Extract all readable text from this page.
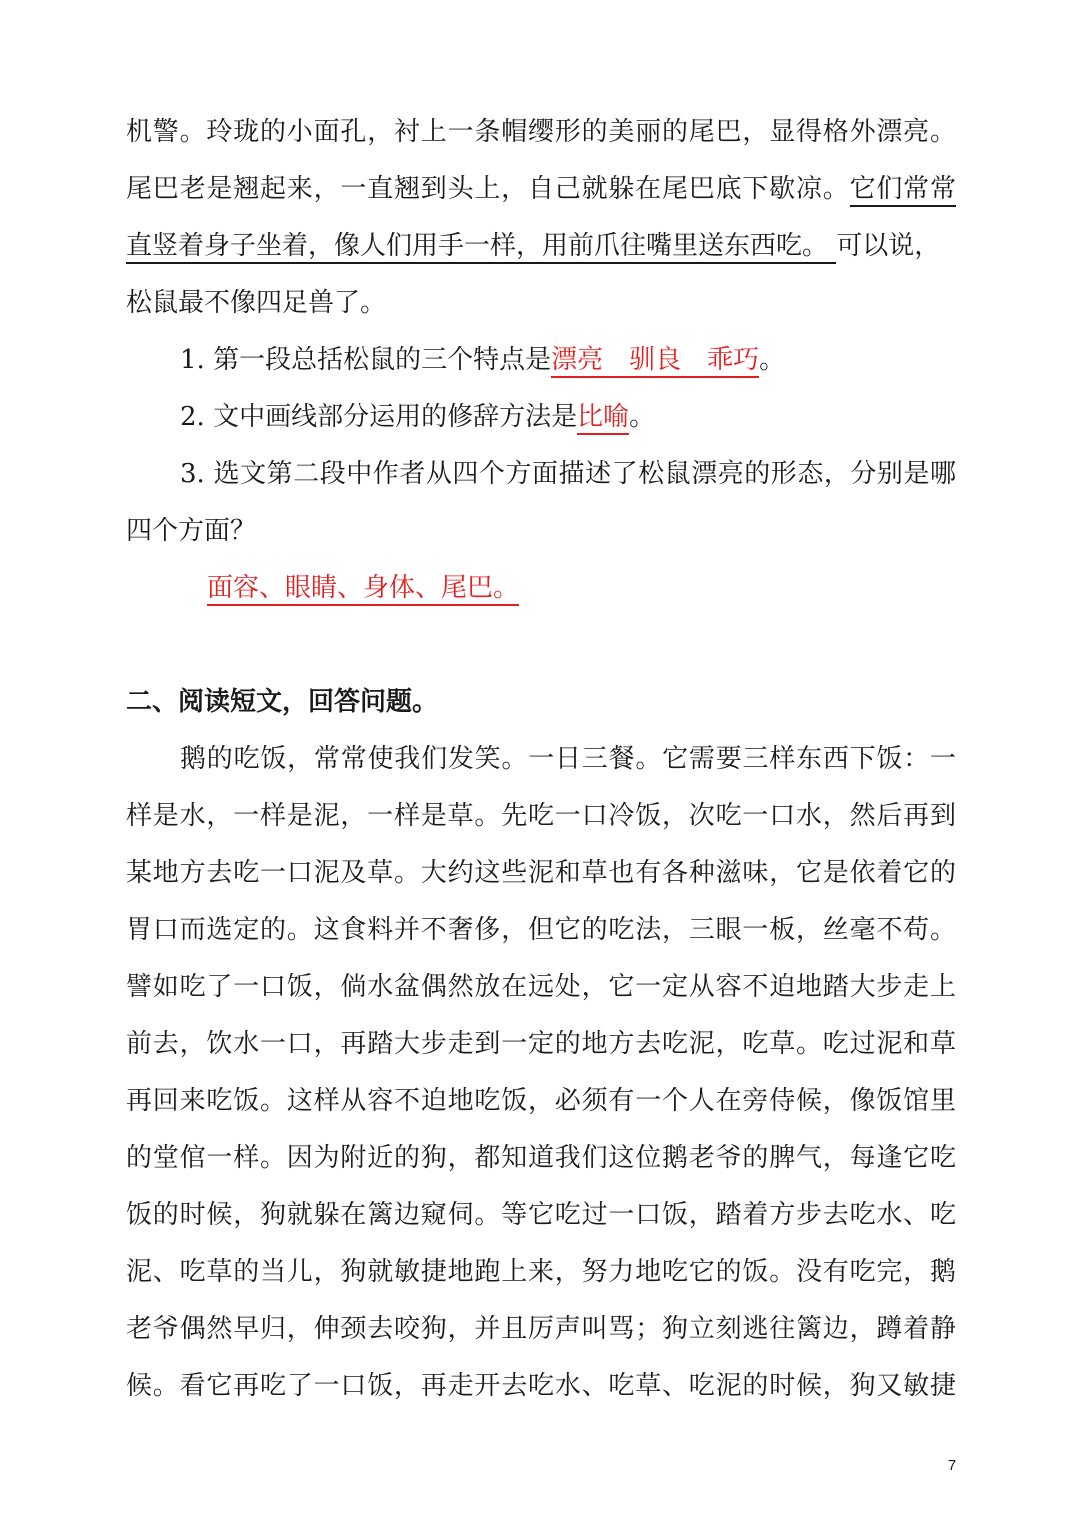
机警。玲珑的小面孔，衬上一条帽缨形的美丽的尾巴，显得格外漂亮。
尾巴老是翘起来，一直翘到头上，自己就躲在尾巴底下歇凉。它们常常
直竖着身子坐着，像人们用手一样，用前爪往嘴里送东西吃。 可以说，
松鼠最不像四足兽了。
1. 第一段总括松鼠的三个特点是漂亮 驯良 乖巧。
2. 文中画线部分运用的修辞方法是比喻。
3. 选文第二段中作者从四个方面描述了松鼠漂亮的形态，分别是哪
四个方面？
面容、眼睛、身体、尾巴。
二、阅读短文，回答问题。
鹅的吃饭，常常使我们发笑。一日三餐。它需要三样东西下饭：一
样是水，一样是泥，一样是草。先吃一口冷饭，次吃一口水，然后再到
某地方去吃一口泥及草。大约这些泥和草也有各种滋味，它是依着它的
胃口而选定的。这食料并不奢侈，但它的吃法，三眼一板，丝毫不苟。
譬如吃了一口饭，倘水盆偶然放在远处，它一定从容不迫地踏大步走上
前去，饮水一口，再踏大步走到一定的地方去吃泥，吃草。吃过泥和草
再回来吃饭。这样从容不迫地吃饭，必须有一个人在旁侍候，像饭馆里
的堂倌一样。因为附近的狗，都知道我们这位鹅老爷的脾气，每逢它吃
饭的时候，狗就躲在篱边窥伺。等它吃过一口饭，踏着方步去吃水、吃
泥、吃草的当儿，狗就敏捷地跑上来，努力地吃它的饭。没有吃完，鹅
老爷偶然早归，伸颈去咬狗，并且厉声叫骂；狗立刻逃往篱边，蹲着静
候。看它再吃了一口饭，再走开去吃水、吃草、吃泥的时候，狗又敏捷
7
